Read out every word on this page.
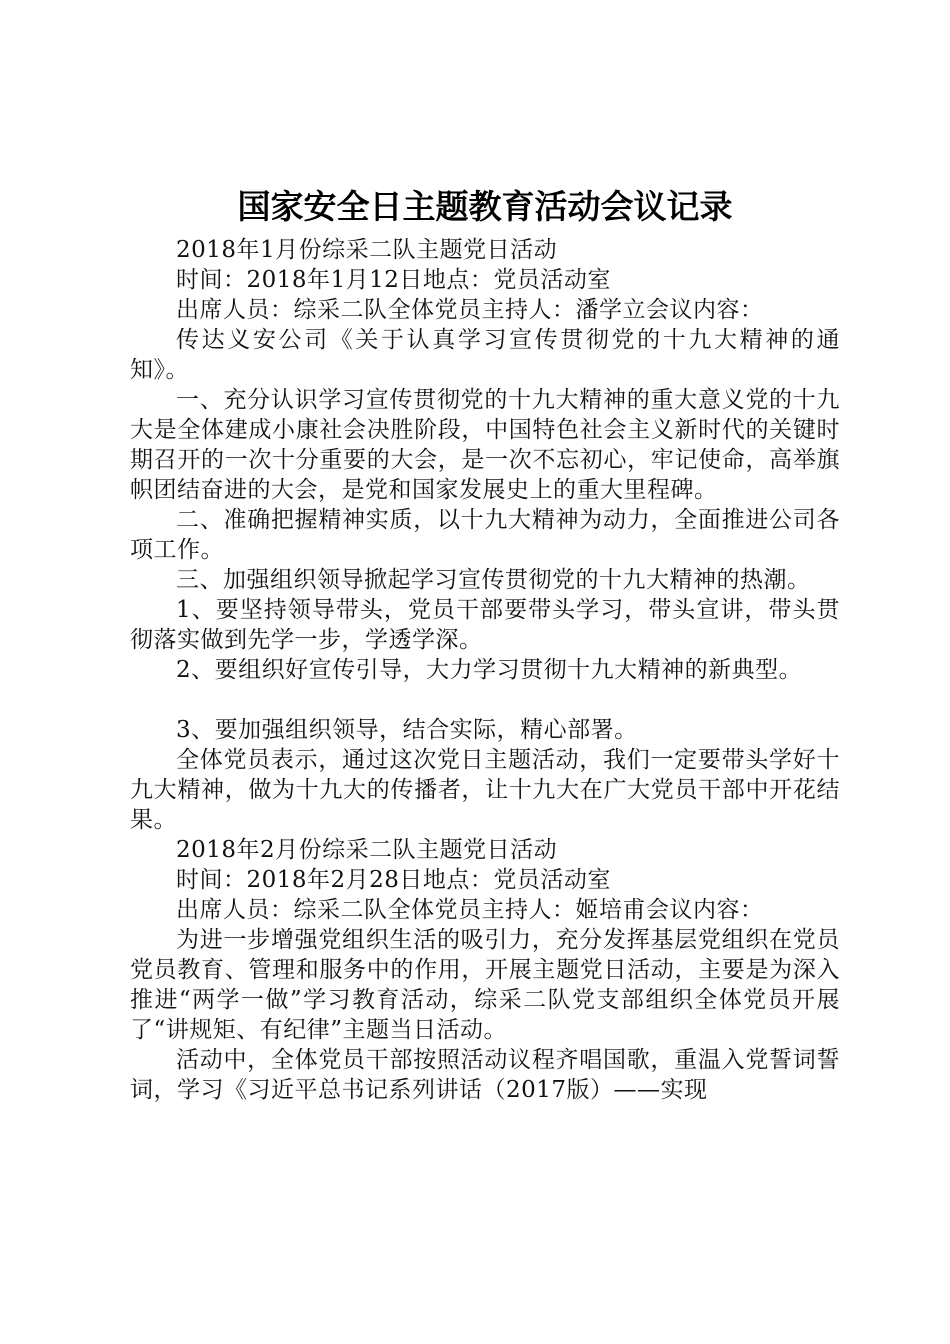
国家安全日主题教育活动会议记录

2018年1月份综采二队主题党日活动

时间：2018年1月12日地点：党员活动室

出席人员：综采二队全体党员主持人：潘学立会议内容：

传达义安公司《关于认真学习宣传贯彻党的十九大精神的通知》。

一、充分认识学习宣传贯彻党的十九大精神的重大意义党的十九大是全体建成小康社会决胜阶段，中国特色社会主义新时代的关键时期召开的一次十分重要的大会，是一次不忘初心，牢记使命，高举旗帜团结奋进的大会，是党和国家发展史上的重大里程碑。

二、准确把握精神实质，以十九大精神为动力，全面推进公司各项工作。

三、加强组织领导掀起学习宣传贯彻党的十九大精神的热潮。

1、要坚持领导带头，党员干部要带头学习，带头宣讲，带头贯彻落实做到先学一步，学透学深。

2、要组织好宣传引导，大力学习贯彻十九大精神的新典型。

3、要加强组织领导，结合实际，精心部署。

全体党员表示，通过这次党日主题活动，我们一定要带头学好十九大精神，做为十九大的传播者，让十九大在广大党员干部中开花结果。

2018年2月份综采二队主题党日活动

时间：2018年2月28日地点：党员活动室

出席人员：综采二队全体党员主持人：姬培甫会议内容：

为进一步增强党组织生活的吸引力，充分发挥基层党组织在党员党员教育、管理和服务中的作用，开展主题党日活动，主要是为深入推进“两学一做”学习教育活动，综采二队党支部组织全体党员开展了“讲规矩、有纪律”主题当日活动。

活动中，全体党员干部按照活动议程齐唱国歌，重温入党誓词誓词，学习《习近平总书记系列讲话（2017版）——实现
